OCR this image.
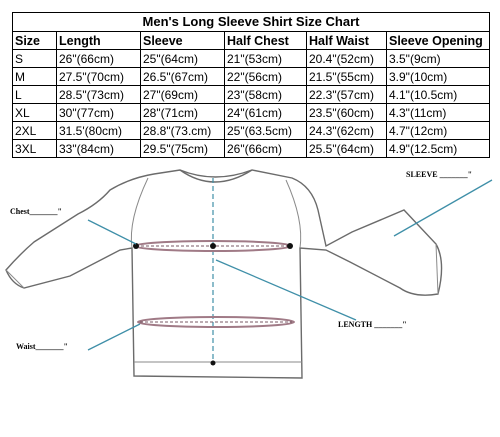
Men's Long Sleeve Shirt Size Chart					
Size	Length	Sleeve	Half Chest	Half Waist	Sleeve Opening
S	26"(66cm)	25"(64cm)	21"(53cm)	20.4"(52cm)	3.5"(9cm)
M	27.5"(70cm)	26.5"(67cm)	22"(56cm)	21.5"(55cm)	3.9"(10cm)
L	28.5"(73cm)	27"(69cm)	23"(58cm)	22.3"(57cm)	4.1"(10.5cm)
XL	30"(77cm)	28"(71cm)	24"(61cm)	23.5"(60cm)	4.3"(11cm)
2XL	31.5'(80cm)	28.8"(73.cm)	25"(63.5cm)	24.3"(62cm)	4.7"(12cm)
3XL	33"(84cm)	29.5"(75cm)	26"(66cm)	25.5"(64cm)	4.9"(12.5cm)
SLEEVE _______"
Chest_______"
LENGTH _______"
Waist_______"
